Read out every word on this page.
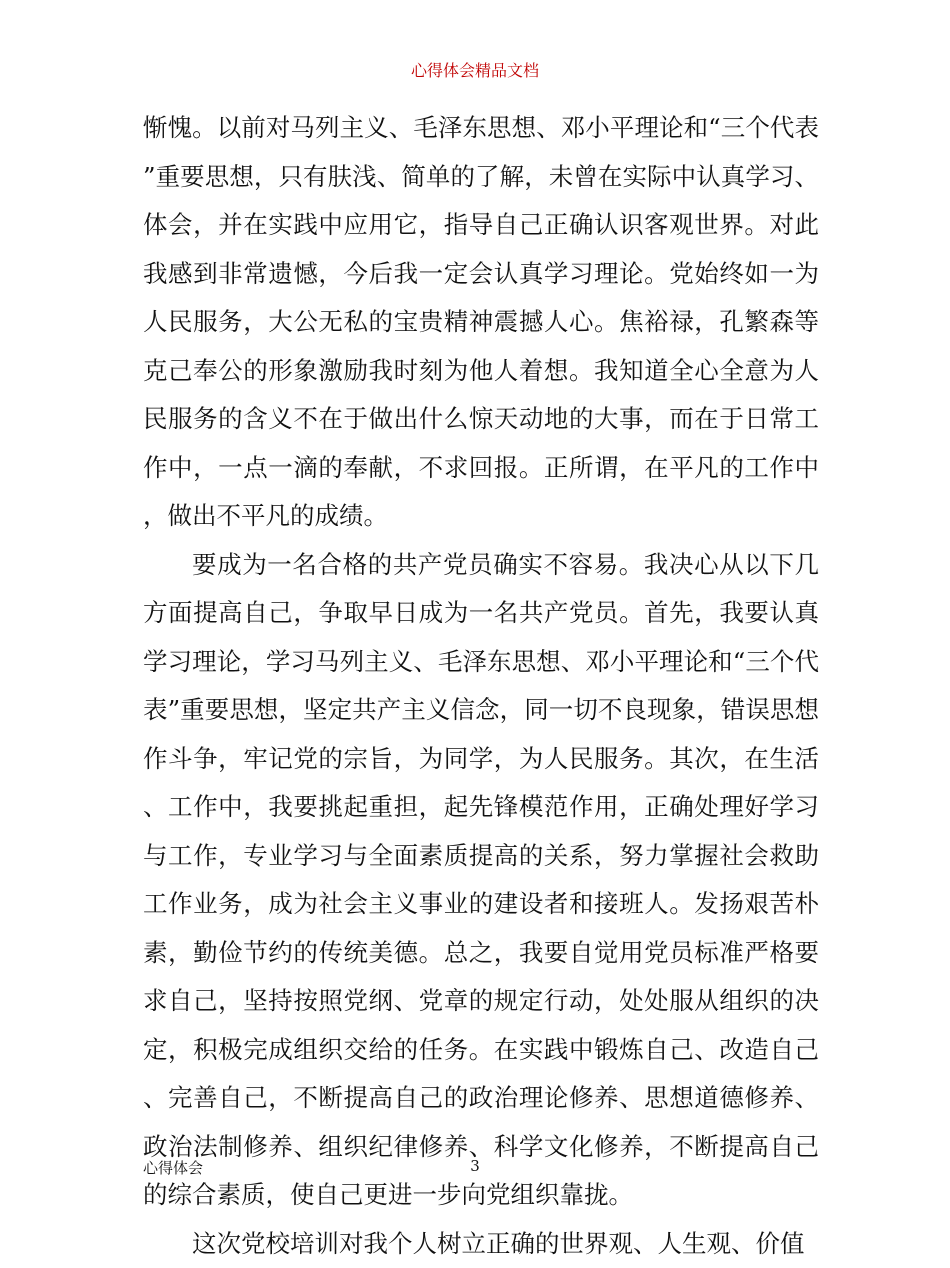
心得体会精品文档

惭愧。以前对马列主义、毛泽东思想、邓小平理论和“三个代表”重要思想，只有肤浅、简单的了解，未曾在实际中认真学习、体会，并在实践中应用它，指导自己正确认识客观世界。对此我感到非常遗憾，今后我一定会认真学习理论。党始终如一为人民服务，大公无私的宝贵精神震撼人心。焦裕禄，孔繁森等克己奉公的形象激励我时刻为他人着想。我知道全心全意为人民服务的含义不在于做出什么惊天动地的大事，而在于日常工作中，一点一滴的奉献，不求回报。正所谓，在平凡的工作中，做出不平凡的成绩。

要成为一名合格的共产党员确实不容易。我决心从以下几方面提高自己，争取早日成为一名共产党员。首先，我要认真学习理论，学习马列主义、毛泽东思想、邓小平理论和“三个代表”重要思想，坚定共产主义信念，同一切不良现象，错误思想作斗争，牢记党的宗旨，为同学，为人民服务。其次，在生活、工作中，我要挑起重担，起先锋模范作用，正确处理好学习与工作，专业学习与全面素质提高的关系，努力掌握社会救助工作业务，成为社会主义事业的建设者和接班人。发扬艰苦朴素，勤俭节约的传统美德。总之，我要自觉用党员标准严格要求自己，坚持按照党纲、党章的规定行动，处处服从组织的决定，积极完成组织交给的任务。在实践中锻炼自己、改造自己、完善自己，不断提高自己的政治理论修养、思想道德修养、政治法制修养、组织纪律修养、科学文化修养，不断提高自己的综合素质，使自己更进一步向党组织靠拢。

这次党校培训对我个人树立正确的世界观、人生观、价值

心得体会	3
